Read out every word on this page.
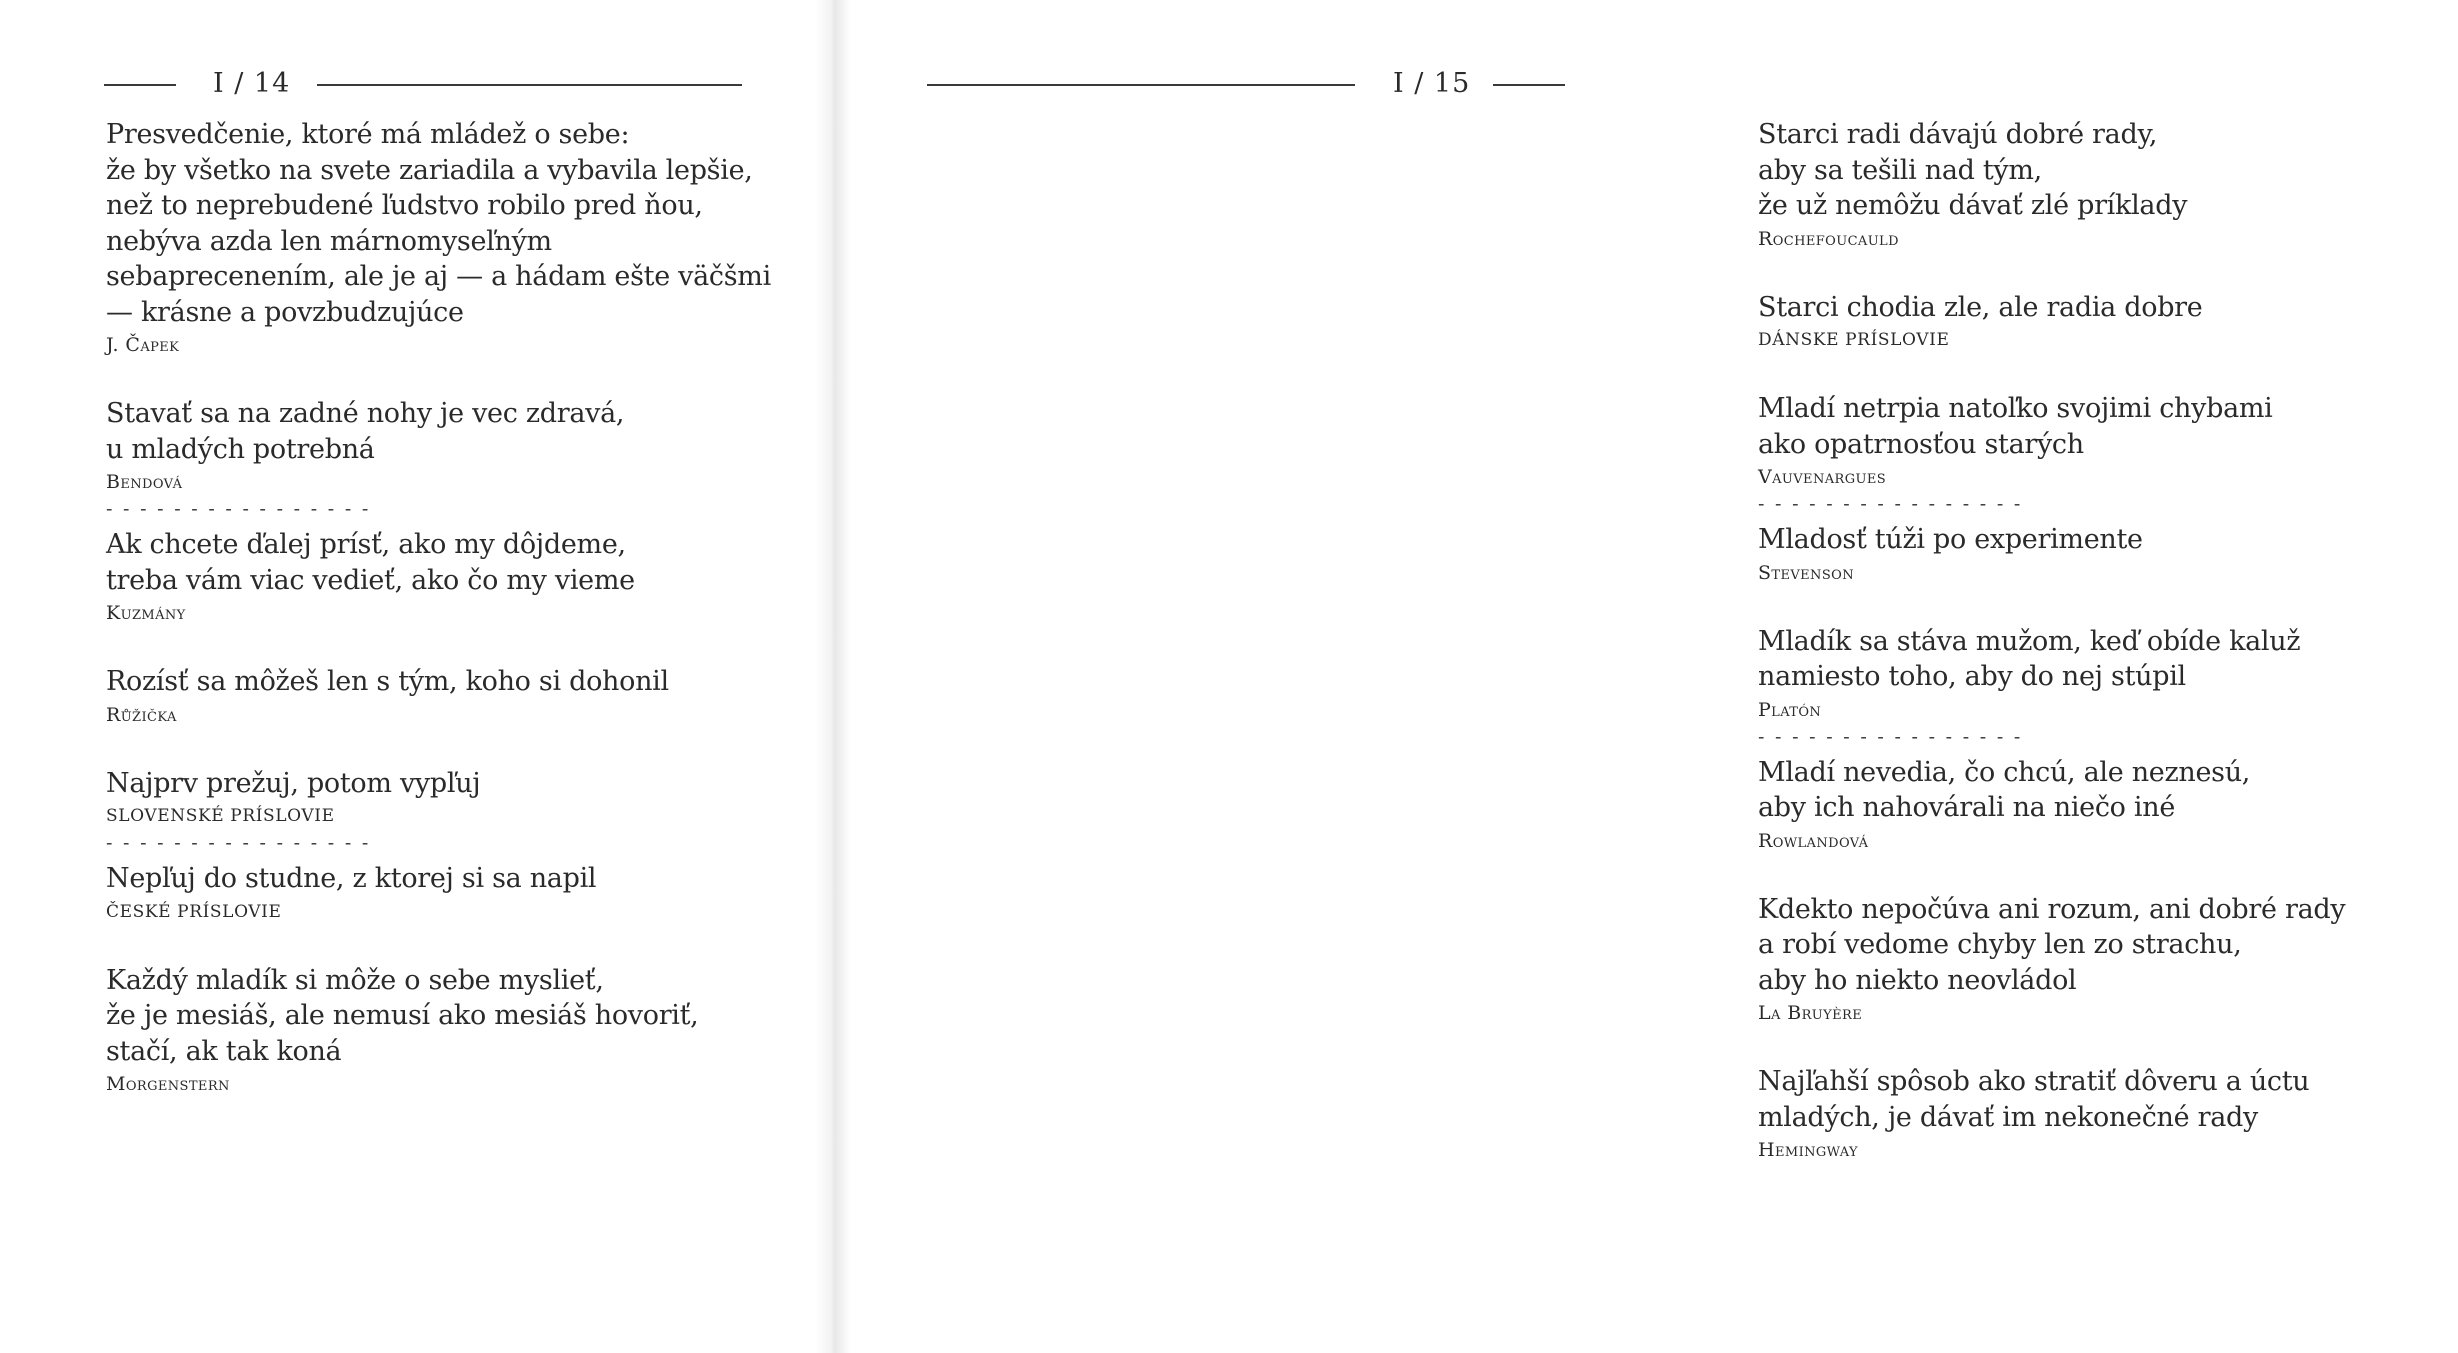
I / 14
Presvedčenie, ktoré má mládež o sebe:
že by všetko na svete zariadila a vybavila lepšie,
než to neprebudené ľudstvo robilo pred ňou,
nebýva azda len márnomyseľným
sebaprecenením, ale je aj — a hádam ešte väčšmi
— krásne a povzbudzujúce
J. Čapek
Stavať sa na zadné nohy je vec zdravá,
u mladých potrebná
Bendová
- - - - - - - - - - - - - - - -
Ak chcete ďalej prísť, ako my dôjdeme,
treba vám viac vedieť, ako čo my vieme
Kuzmány
Rozísť sa môžeš len s tým, koho si dohonil
Růžička
Najprv prežuj, potom vypľuj
SLOVENSKÉ PRÍSLOVIE
- - - - - - - - - - - - - - - -
Nepľuj do studne, z ktorej si sa napil
ČESKÉ PRÍSLOVIE
Každý mladík si môže o sebe myslieť,
že je mesiáš, ale nemusí ako mesiáš hovoriť,
stačí, ak tak koná
Morgenstern
I / 15
Starci radi dávajú dobré rady,
aby sa tešili nad tým,
že už nemôžu dávať zlé príklady
Rochefoucauld
Starci chodia zle, ale radia dobre
DÁNSKE PRÍSLOVIE
Mladí netrpia natoľko svojimi chybami
ako opatrnosťou starých
Vauvenargues
- - - - - - - - - - - - - - - -
Mladosť túži po experimente
Stevenson
Mladík sa stáva mužom, keď obíde kaluž
namiesto toho, aby do nej stúpil
Platón
- - - - - - - - - - - - - - - -
Mladí nevedia, čo chcú, ale neznesú,
aby ich nahovárali na niečo iné
Rowlandová
Kdekto nepočúva ani rozum, ani dobré rady
a robí vedome chyby len zo strachu,
aby ho niekto neovládol
La Bruyère
Najľahší spôsob ako stratiť dôveru a úctu
mladých, je dávať im nekonečné rady
Hemingway
